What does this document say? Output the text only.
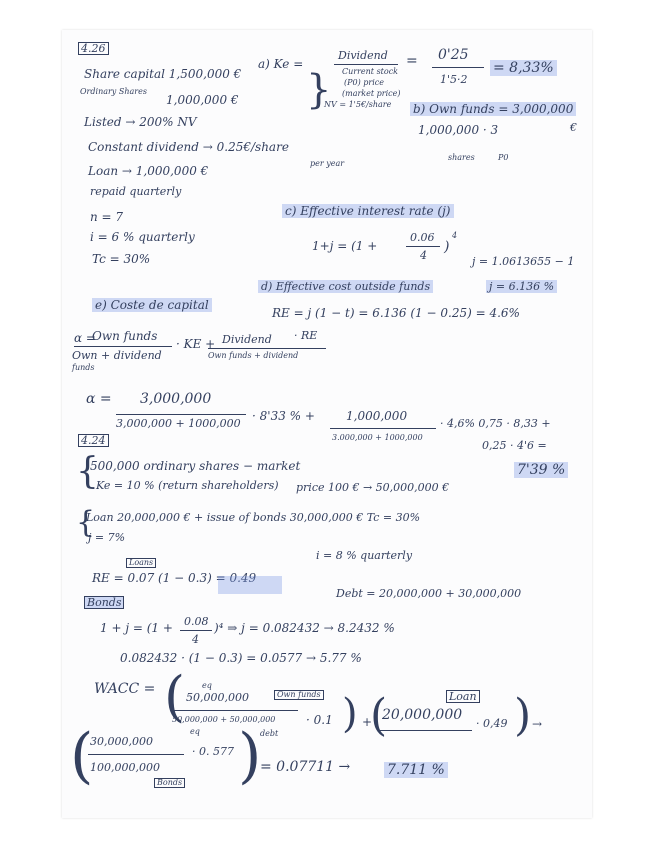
4.26
Share capital 1,500,000 €
Ordinary Shares
1,000,000 € }
Listed → 200% NV
Constant dividend → 0.25€/share
per year
Loan → 1,000,000 €
repaid quarterly
n = 7
i = 6 % quarterly
Tc = 30%
a) Ke =
Dividend
Current stock
(P0) price
(market price)
NV = 1'5€/share
= 0'25
1'5·2
= 8,33%
b) Own funds = 3,000,000
€
1,000,000 · 3
shares	P0
c) Effective interest rate (j)
1+j = (1 +
0.06
4
)
4
j = 1.0613655 − 1
j = 6.136 %
d) Effective cost outside funds
RE = j (1 − t) = 6.136 (1 − 0.25) = 4.6%
e) Coste de capital
α =
Own funds
Own + dividend
funds
· KE + Dividend
Own funds + dividend
· RE
α = 3,000,000
3,000,000 + 1000,000
· 8'33 % +	1,000,000
3.000,000 + 1000,000
· 4,6% 0,75 · 8,33 +
0,25 · 4'6 =
7'39 %
4.24
{
500,000 ordinary shares − market
price 100 € → 50,000,000 €
Ke = 10 % (return shareholders)
{
Loan 20,000,000 € + issue of bonds 30,000,000 € Tc = 30%
j = 7%
i = 8 % quarterly
Loans
RE = 0.07 (1 − 0.3) = 0.49
Debt = 20,000,000 + 30,000,000
Bonds
1 + j = (1 + 0.08
4
)⁴ ⇒ j = 0.082432 → 8.2432 %
0.082432 · (1 − 0.3) = 0.0577 → 5.77 %
WACC = ( eq
50,000,000	Own funds
50,000,000 + 50,000,000
eq	debt
· 0.1 ) +
(	Loan
20,000,000
· 0,49 ) →
(
30,000,000
· 0. 577
100,000,000
Bonds )
= 0.07711 →	7.711 %
